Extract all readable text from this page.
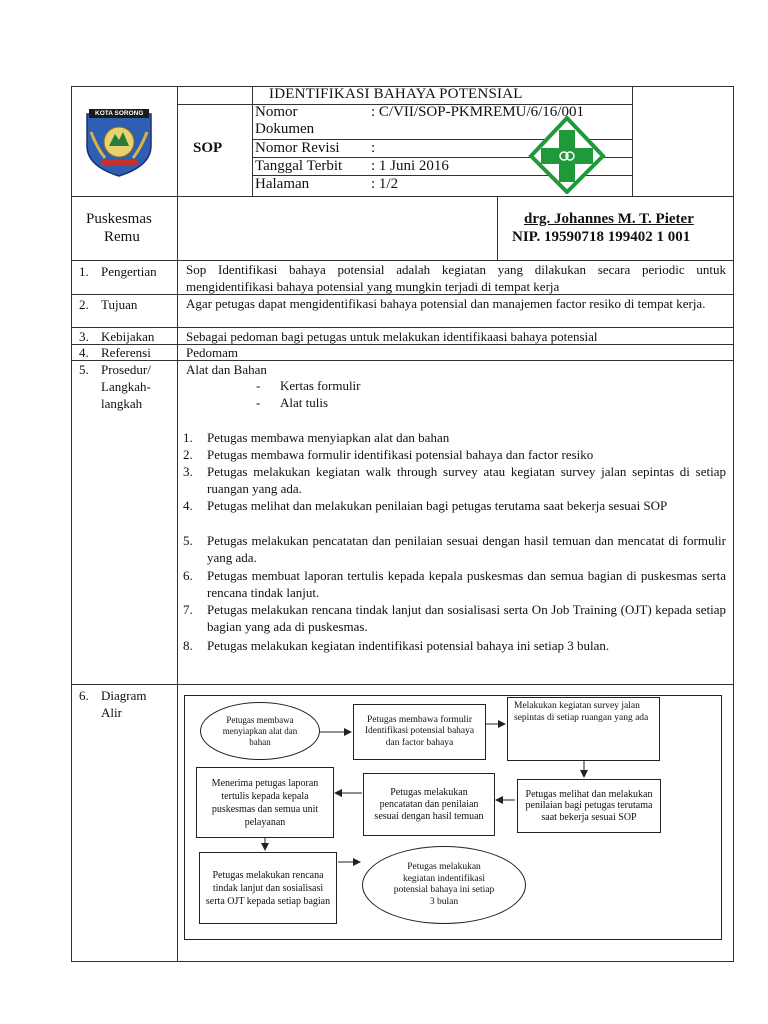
KOTA SORONG
SOP
IDENTIFIKASI BAHAYA POTENSIAL
Nomor
Dokumen
: C/VII/SOP-PKMREMU/6/16/001
Nomor Revisi :
Tanggal Terbit : 1 Juni 2016
Halaman	: 1/2
Puskesmas
Remu
drg. Johannes M. T. Pieter
NIP. 19590718 199402 1 001
1. Pengertian Sop Identifikasi bahaya potensial adalah kegiatan yang dilakukan secara periodic untuk mengidentifikasi bahaya potensial yang mungkin terjadi di tempat kerja
2. Tujuan	Agar petugas dapat mengidentifikasi bahaya potensial dan manajemen factor resiko di tempat kerja.
3. Kebijakan Sebagai pedoman bagi petugas untuk melakukan identifikaasi bahaya potensial
4. Referensi	Pedomam
5. Prosedur/
Langkah-
langkah
Alat dan Bahan
- Kertas formulir
- Alat tulis
1. Petugas membawa menyiapkan alat dan bahan
2. Petugas membawa formulir identifikasi potensial bahaya dan factor resiko
3. Petugas melakukan kegiatan walk through survey atau kegiatan survey jalan sepintas di setiap ruangan yang ada.
4. Petugas melihat dan melakukan penilaian bagi petugas terutama saat bekerja sesuai SOP
5. Petugas melakukan pencatatan dan penilaian sesuai dengan hasil temuan dan mencatat di formulir yang ada.
6. Petugas membuat laporan tertulis kepada kepala puskesmas dan semua bagian di puskesmas serta rencana tindak lanjut.
7. Petugas melakukan rencana tindak lanjut dan sosialisasi serta On Job Training (OJT) kepada setiap bagian yang ada di puskesmas.
8. Petugas melakukan kegiatan indentifikasi potensial bahaya ini setiap 3 bulan.
6. Diagram
Alir	Petugas membawa menyiapkan alat dan bahan
Petugas membawa formulir Identifikasi potensial bahaya dan factor bahaya
Melakukan kegiatan survey jalan sepintas di setiap ruangan yang ada
Petugas melihat dan melakukan penilaian bagi petugas terutama saat bekerja sesuai SOP
Petugas melakukan pencatatan dan penilaian sesuai dengan hasil temuan
Menerima petugas laporan tertulis kepada kepala puskesmas dan semua unit pelayanan
Petugas melakukan rencana tindak lanjut dan sosialisasi serta OJT kepada setiap bagian
Petugas melakukan kegiatan indentifikasi potensial bahaya ini setiap 3 bulan
